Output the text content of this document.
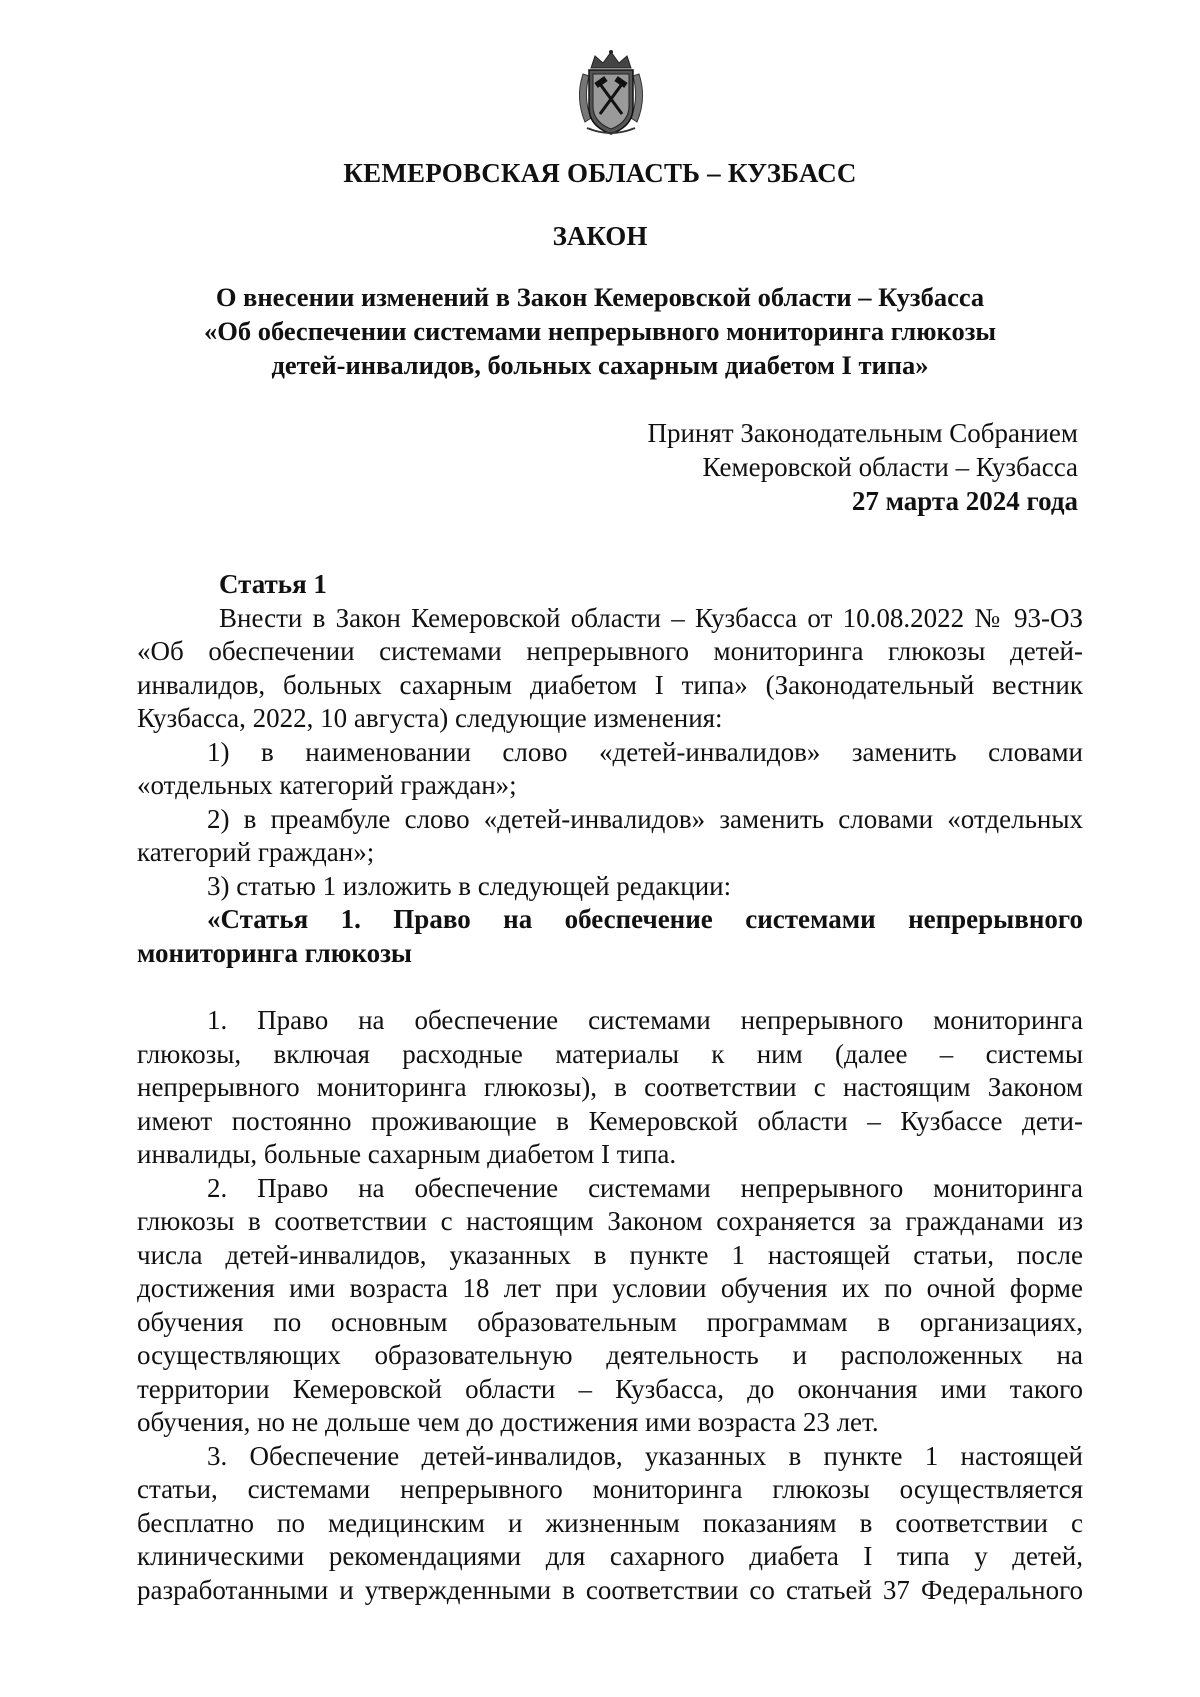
КЕМЕРОВСКАЯ ОБЛАСТЬ – КУЗБАСС
ЗАКОН
О внесении изменений в Закон Кемеровской области – Кузбасса
«Об обеспечении системами непрерывного мониторинга глюкозы
детей-инвалидов, больных сахарным диабетом I типа»
Принят Законодательным Собранием
Кемеровской области – Кузбасса
27 марта 2024 года
Статья 1
Внести в Закон Кемеровской области – Кузбасса от 10.08.2022 № 93-ОЗ
«Об обеспечении системами непрерывного мониторинга глюкозы детей-
инвалидов, больных сахарным диабетом I типа» (Законодательный вестник
Кузбасса, 2022, 10 августа) следующие изменения:
1) в наименовании слово «детей-инвалидов» заменить словами
«отдельных категорий граждан»;
2) в преамбуле слово «детей-инвалидов» заменить словами «отдельных
категорий граждан»;
3) статью 1 изложить в следующей редакции:
«Статья 1. Право на обеспечение системами непрерывного
мониторинга глюкозы
1. Право на обеспечение системами непрерывного мониторинга
глюкозы, включая расходные материалы к ним (далее – системы
непрерывного мониторинга глюкозы), в соответствии с настоящим Законом
имеют постоянно проживающие в Кемеровской области – Кузбассе дети-
инвалиды, больные сахарным диабетом I типа.
2. Право на обеспечение системами непрерывного мониторинга
глюкозы в соответствии с настоящим Законом сохраняется за гражданами из
числа детей-инвалидов, указанных в пункте 1 настоящей статьи, после
достижения ими возраста 18 лет при условии обучения их по очной форме
обучения по основным образовательным программам в организациях,
осуществляющих образовательную деятельность и расположенных на
территории Кемеровской области – Кузбасса, до окончания ими такого
обучения, но не дольше чем до достижения ими возраста 23 лет.
3. Обеспечение детей-инвалидов, указанных в пункте 1 настоящей
статьи, системами непрерывного мониторинга глюкозы осуществляется
бесплатно по медицинским и жизненным показаниям в соответствии с
клиническими рекомендациями для сахарного диабета I типа у детей,
разработанными и утвержденными в соответствии со статьей 37 Федерального
